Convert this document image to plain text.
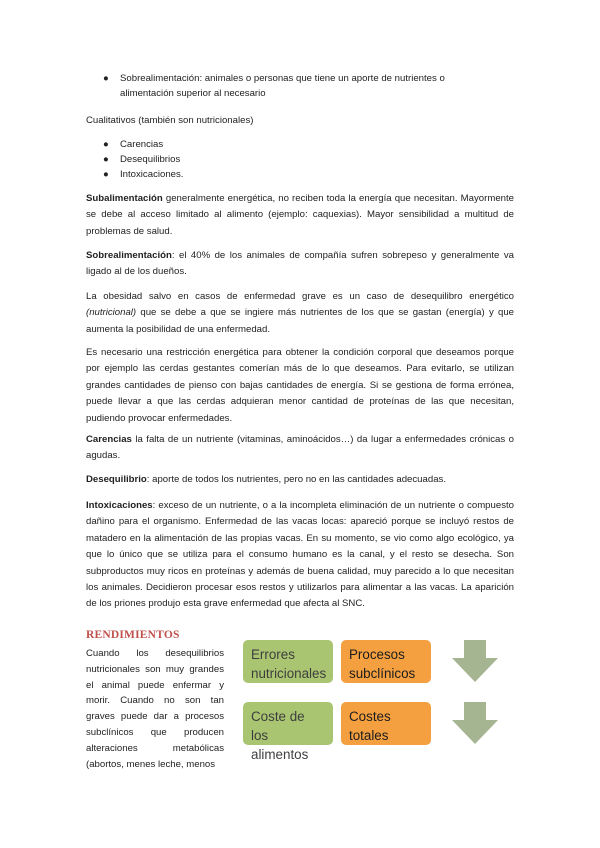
● Sobrealimentación: animales o personas que tiene un aporte de nutrientes o
alimentación superior al necesario
Cualitativos (también son nutricionales)
● Carencias
● Desequilibrios
● Intoxicaciones.

Subalimentación generalmente energética, no reciben toda la energía que necesitan. Mayormente se debe al acceso limitado al alimento (ejemplo: caquexias). Mayor sensibilidad a multitud de problemas de salud.

Sobrealimentación: el 40% de los animales de compañía sufren sobrepeso y generalmente va ligado al de los dueños.

La obesidad salvo en casos de enfermedad grave es un caso de desequilibro energético (nutricional) que se debe a que se ingiere más nutrientes de los que se gastan (energía) y que aumenta la posibilidad de una enfermedad.

Es necesario una restricción energética para obtener la condición corporal que deseamos porque por ejemplo las cerdas gestantes comerían más de lo que deseamos. Para evitarlo, se utilizan grandes cantidades de pienso con bajas cantidades de energía. Si se gestiona de forma errónea, puede llevar a que las cerdas adquieran menor cantidad de proteínas de las que necesitan, pudiendo provocar enfermedades.

Carencias la falta de un nutriente (vitaminas, aminoácidos…) da lugar a enfermedades crónicas o agudas.

Desequilibrio: aporte de todos los nutrientes, pero no en las cantidades adecuadas.

Intoxicaciones: exceso de un nutriente, o a la incompleta eliminación de un nutriente o compuesto dañino para el organismo. Enfermedad de las vacas locas: apareció porque se incluyó restos de matadero en la alimentación de las propias vacas. En su momento, se vio como algo ecológico, ya que lo único que se utiliza para el consumo humano es la canal, y el resto se desecha. Son subproductos muy ricos en proteínas y además de buena calidad, muy parecido a lo que necesitan los animales. Decidieron procesar esos restos y utilizarlos para alimentar a las vacas. La aparición de los priones produjo esta grave enfermedad que afecta al SNC.

RENDIMIENTOS
Cuando los desequilibrios nutricionales son muy grandes el animal puede enfermar y morir. Cuando no son tan graves puede dar a procesos subclínicos que producen alteraciones metabólicas (abortos, menes leche, menos
Errores nutricionales
Procesos subclínicos
Coste de los alimentos
Costes totales
